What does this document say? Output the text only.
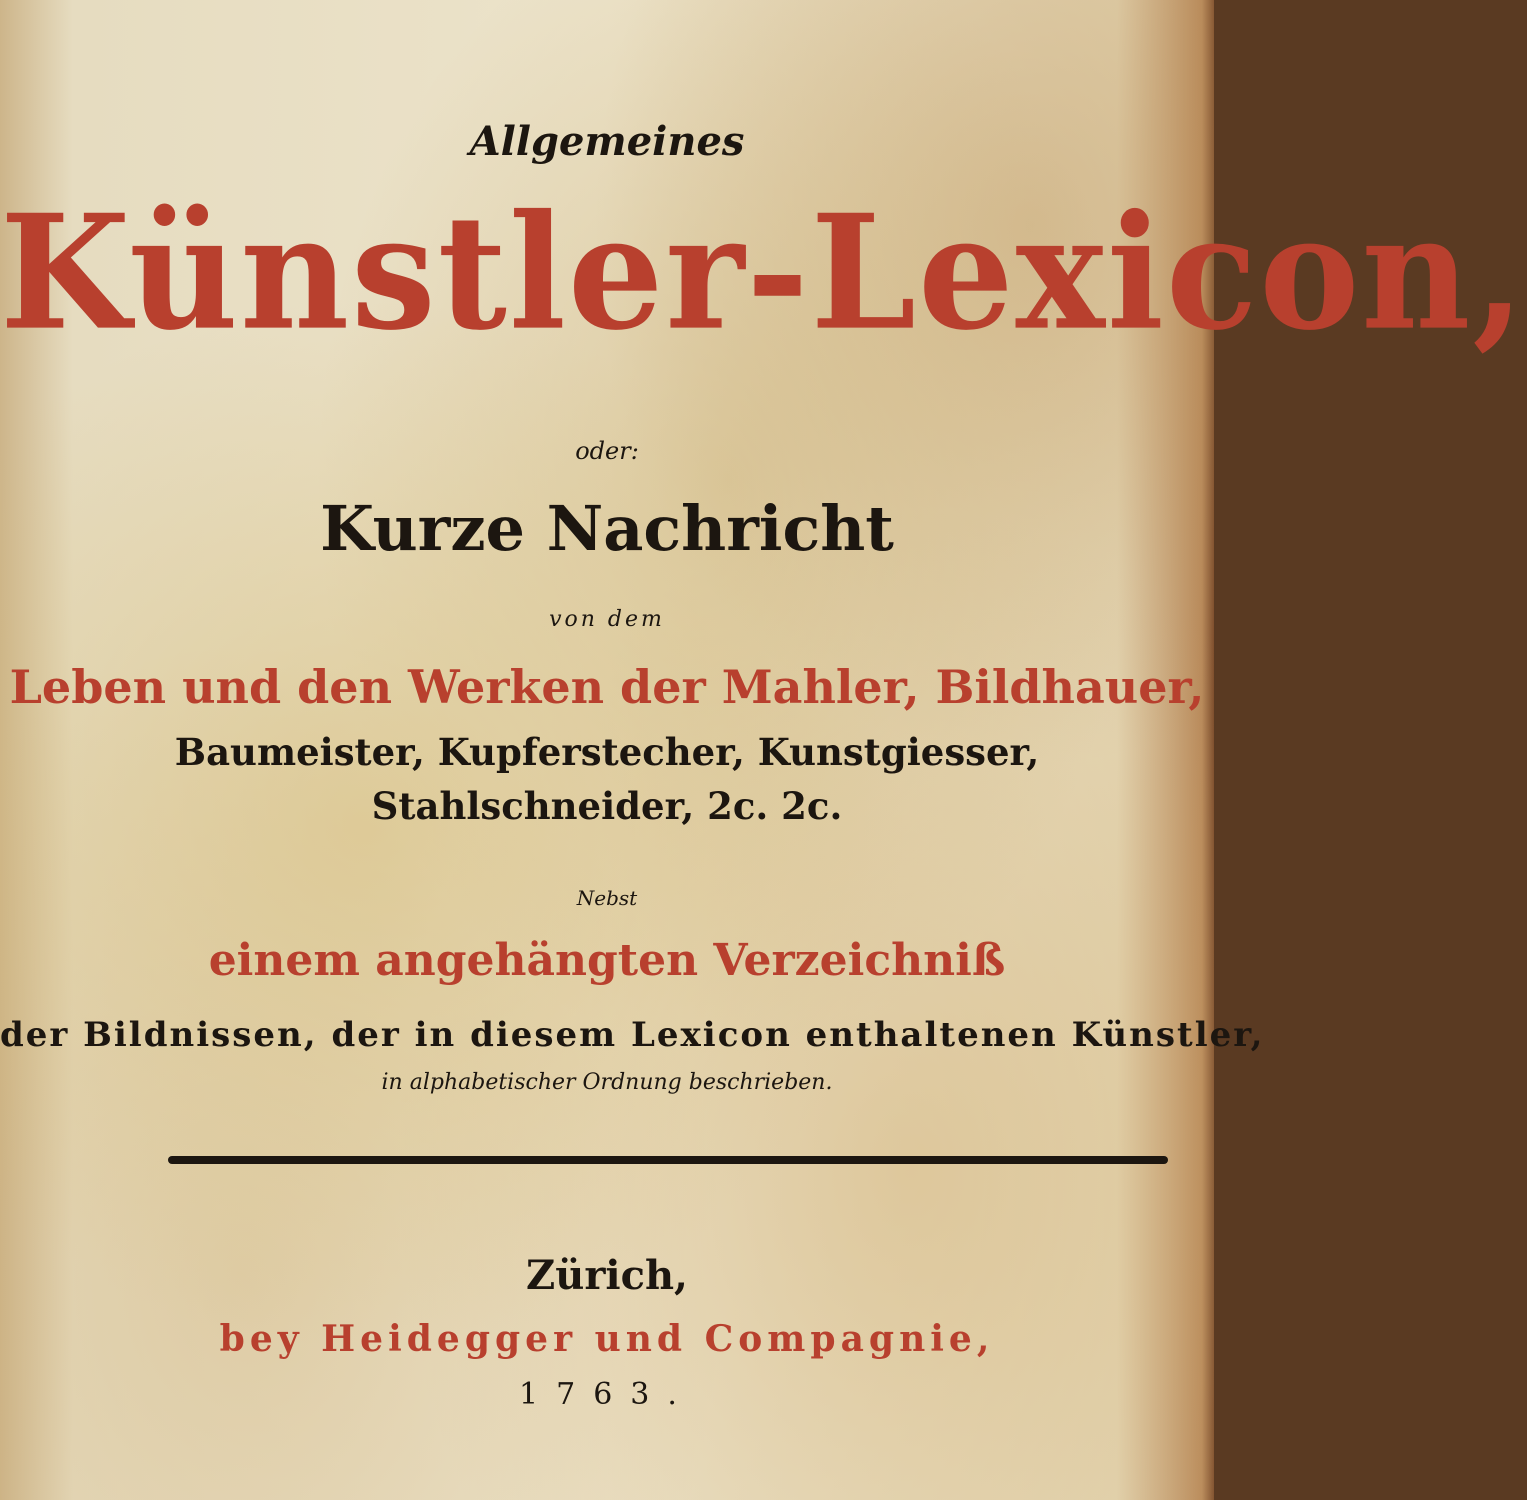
Allgemeines
Künstler-Lexicon,
oder:
Kurze Nachricht
von dem
Leben und den Werken der Mahler, Bildhauer,
Baumeister, Kupferstecher, Kunstgiesser,
Stahlschneider, 2c. 2c.
Nebst
einem angehängten Verzeichniß
der Bildnissen, der in diesem Lexicon enthaltenen Künstler,
in alphabetischer Ordnung beschrieben.
Zürich,
bey Heidegger und Compagnie,
1763.
